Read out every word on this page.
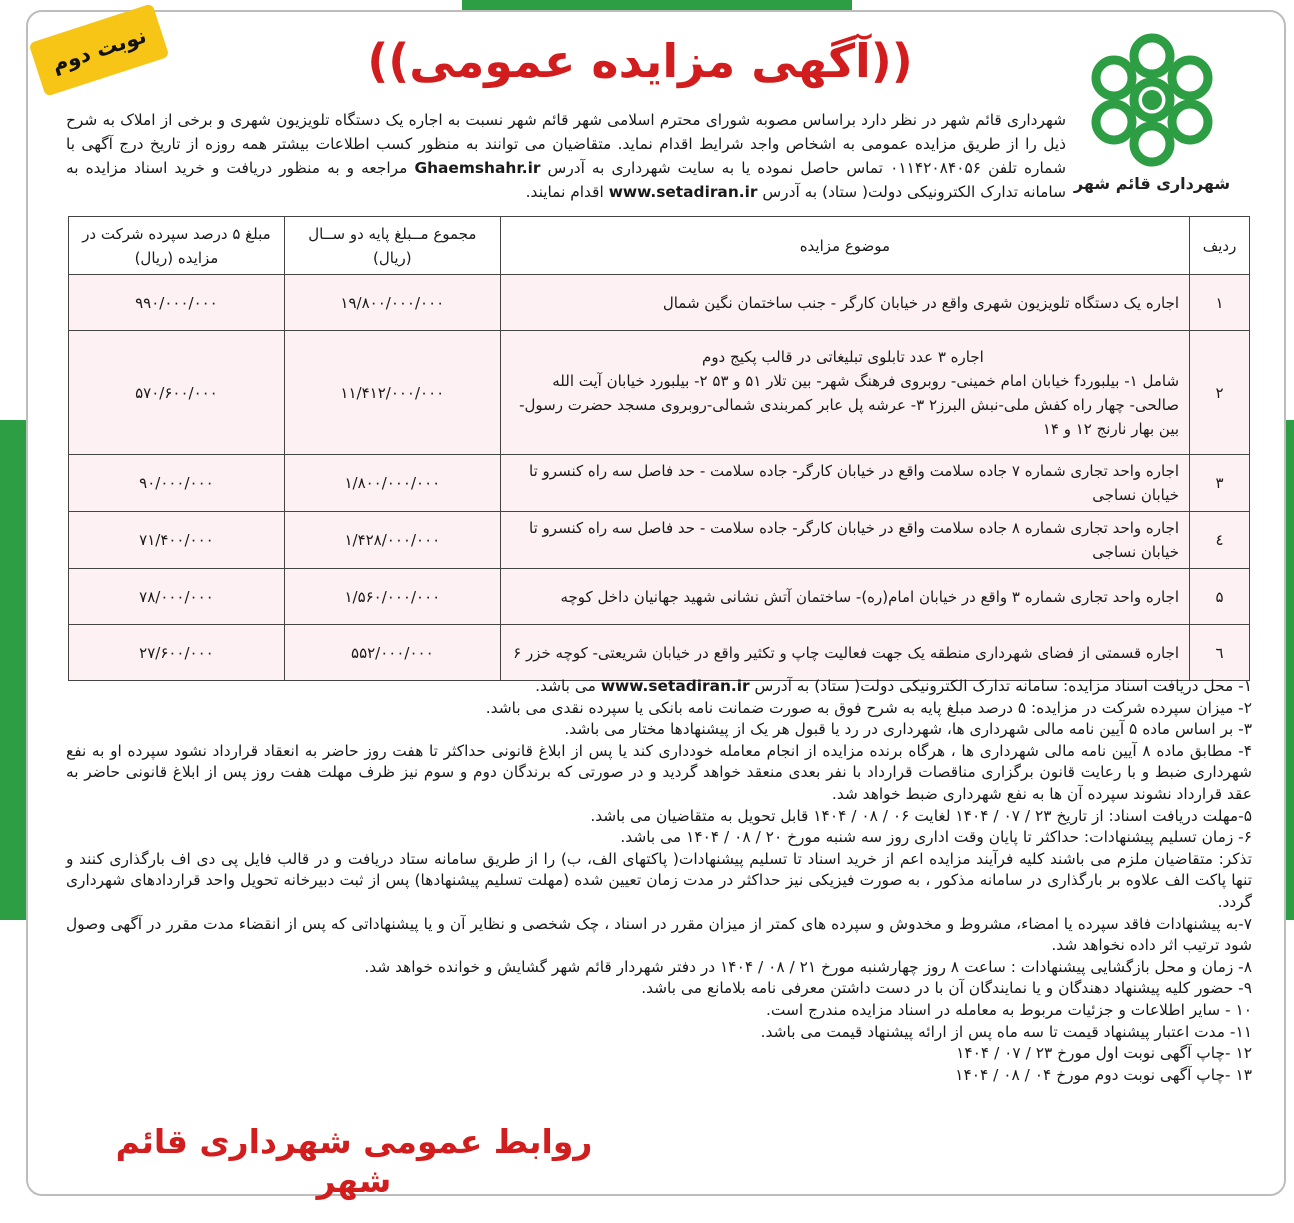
نوبت دوم	((آگهی مزایده عمومی))
شهرداری قائم شهر
شهرداری قائم شهر در نظر دارد براساس مصوبه شورای محترم اسلامی شهر قائم شهر نسبت به اجاره یک دستگاه تلویزیون شهری و برخی از املاک به شرح ذیل را از طریق مزایده عمومی به اشخاص واجد شرایط اقدام نماید. متقاضیان می توانند به منظور کسب اطلاعات بیشتر همه روزه از تاریخ درج آگهی با شماره تلفن ۰۱۱۴۲۰۸۴۰۵۶ تماس حاصل نموده یا به سایت شهرداری به آدرس Ghaemshahr.ir مراجعه و به منظور دریافت و خرید اسناد مزایده به سامانه تدارک الکترونیکی دولت( ستاد) به آدرس www.setadiran.ir اقدام نمایند.
ردیف	موضوع مزایده	مجموع مــبلغ پایه دو ســال (ریال)	مبلغ ۵ درصد سپرده شرکت در مزایده (ریال)
۱	اجاره یک دستگاه تلویزیون شهری واقع در خیابان کارگر - جنب ساختمان نگین شمال	۱۹/۸۰۰/۰۰۰/۰۰۰	۹۹۰/۰۰۰/۰۰۰
۲	اجاره ۳ عدد تابلوی تبلیغاتی در قالب پکیج دوم
شامل ۱- بیلبوردf خیابان امام خمینی- روبروی فرهنگ شهر- بین تلار ۵۱ و ۵۳ ۲- بیلبورد خیابان آیت الله صالحی- چهار راه کفش ملی-نبش البرز۲ ۳- عرشه پل عابر کمربندی شمالی-روبروی مسجد حضرت رسول-بین بهار نارنج ۱۲ و ۱۴	۱۱/۴۱۲/۰۰۰/۰۰۰	۵۷۰/۶۰۰/۰۰۰
۳	اجاره واحد تجاری شماره ۷ جاده سلامت واقع در خیابان کارگر- جاده سلامت - حد فاصل سه راه کنسرو تا خیابان نساجی	۱/۸۰۰/۰۰۰/۰۰۰	۹۰/۰۰۰/۰۰۰
٤	اجاره واحد تجاری شماره ۸ جاده سلامت واقع در خیابان کارگر- جاده سلامت - حد فاصل سه راه کنسرو تا خیابان نساجی	۱/۴۲۸/۰۰۰/۰۰۰	۷۱/۴۰۰/۰۰۰
۵	اجاره واحد تجاری شماره ۳ واقع در خیابان امام(ره)- ساختمان آتش نشانی شهید جهانیان داخل کوچه	۱/۵۶۰/۰۰۰/۰۰۰	۷۸/۰۰۰/۰۰۰
٦	اجاره قسمتی از فضای شهرداری منطقه یک جهت فعالیت چاپ و تکثیر واقع در خیابان شریعتی- کوچه خزر ۶	۵۵۲/۰۰۰/۰۰۰	۲۷/۶۰۰/۰۰۰

۱- محل دریافت اسناد مزایده: سامانه تدارک الکترونیکی دولت( ستاد) به آدرس www.setadiran.ir می باشد.

۲- میزان سپرده شرکت در مزایده: ۵ درصد مبلغ پایه به شرح فوق به صورت ضمانت نامه بانکی یا سپرده نقدی می باشد.

۳- بر اساس ماده ۵ آیین نامه مالی شهرداری ها، شهرداری در رد یا قبول هر یک از پیشنهادها مختار می باشد.

۴- مطابق ماده ۸ آیین نامه مالی شهرداری ها ، هرگاه برنده مزایده از انجام معامله خودداری کند یا پس از ابلاغ قانونی حداکثر تا هفت روز حاضر به انعقاد قرارداد نشود سپرده او به نفع شهرداری ضبط و با رعایت قانون برگزاری مناقصات قرارداد با نفر بعدی منعقد خواهد گردید و در صورتی که برندگان دوم و سوم نیز ظرف مهلت هفت روز پس از ابلاغ قانونی حاضر به عقد قرارداد نشوند سپرده آن ها به نفع شهرداری ضبط خواهد شد.

۵-مهلت دریافت اسناد: از تاریخ ۲۳ / ۰۷ / ۱۴۰۴ لغایت ۰۶ / ۰۸ / ۱۴۰۴ قابل تحویل به متقاضیان می باشد.

۶- زمان تسلیم پیشنهادات: حداکثر تا پایان وقت اداری روز سه شنبه مورخ ۲۰ / ۰۸ / ۱۴۰۴ می باشد.

تذکر: متقاضیان ملزم می باشند کلیه فرآیند مزایده اعم از خرید اسناد تا تسلیم پیشنهادات( پاکتهای الف، ب) را از طریق سامانه ستاد دریافت و در قالب فایل پی دی اف بارگذاری کنند و تنها پاکت الف علاوه بر بارگذاری در سامانه مذکور ، به صورت فیزیکی نیز حداکثر در مدت زمان تعیین شده (مهلت تسلیم پیشنهادها) پس از ثبت دبیرخانه تحویل واحد قراردادهای شهرداری گردد.

۷-به پیشنهادات فاقد سپرده یا امضاء، مشروط و مخدوش و سپرده های کمتر از میزان مقرر در اسناد ، چک شخصی و نظایر آن و یا پیشنهاداتی که پس از انقضاء مدت مقرر در آگهی وصول شود ترتیب اثر داده نخواهد شد.

۸- زمان و محل بازگشایی پیشنهادات : ساعت ۸ روز چهارشنبه مورخ ۲۱ / ۰۸ / ۱۴۰۴ در دفتر شهردار قائم شهر گشایش و خوانده خواهد شد.

۹- حضور کلیه پیشنهاد دهندگان و یا نمایندگان آن با در دست داشتن معرفی نامه بلامانع می باشد.

۱۰ - سایر اطلاعات و جزئیات مربوط به معامله در اسناد مزایده مندرج است.

۱۱- مدت اعتبار پیشنهاد قیمت تا سه ماه پس از ارائه پیشنهاد قیمت می باشد.

۱۲ -چاپ آگهی نوبت اول مورخ ۲۳ / ۰۷ / ۱۴۰۴

۱۳ -چاپ آگهی نوبت دوم مورخ ۰۴ / ۰۸ / ۱۴۰۴

روابط عمومی شهرداری قائم شهر
